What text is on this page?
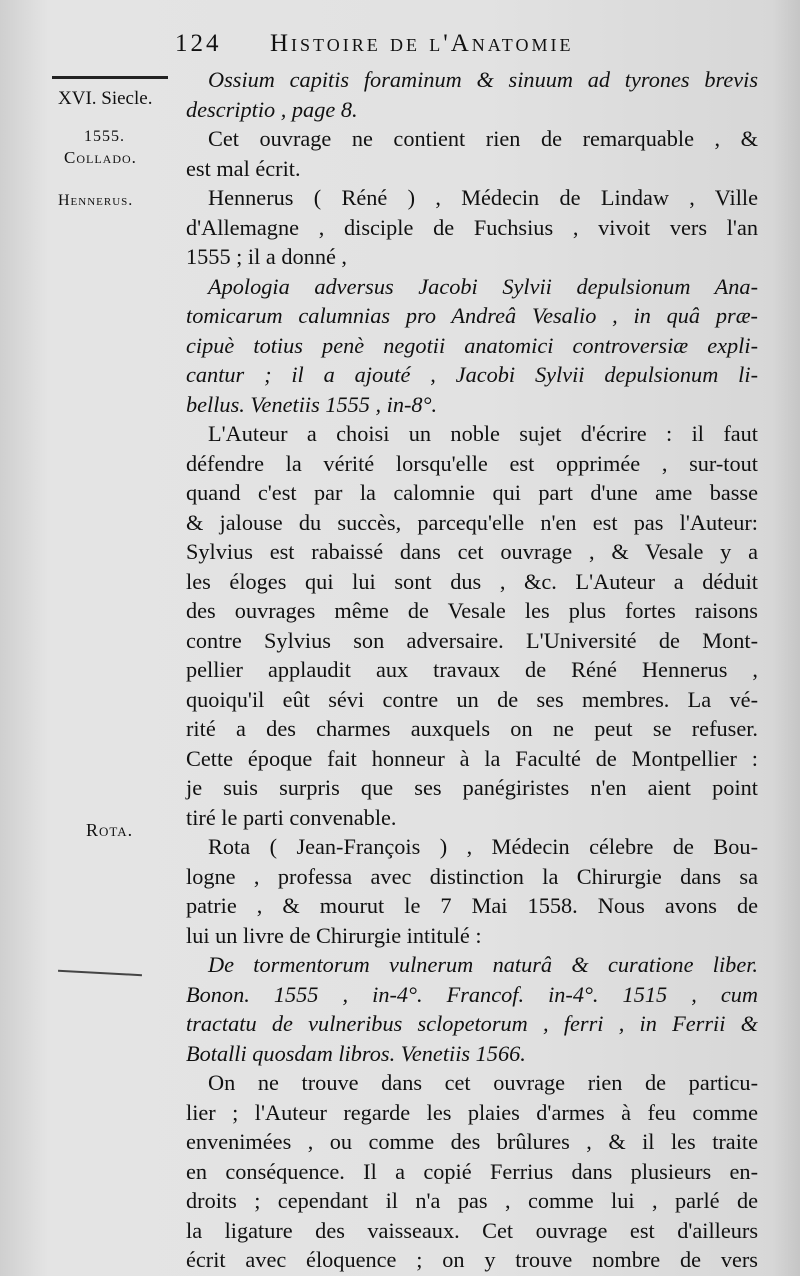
124 Histoire de l'Anatomie
XVI. Siecle.
1555.
Collado.
Hennerus.
Rota.
Ossium capitis foraminum & sinuum ad tyrones brevis
descriptio , page 8.
Cet ouvrage ne contient rien de remarquable , &
est mal écrit.
Hennerus ( Réné ) , Médecin de Lindaw , Ville
d'Allemagne , disciple de Fuchsius , vivoit vers l'an
1555 ; il a donné ,
Apologia adversus Jacobi Sylvii depulsionum Ana-
tomicarum calumnias pro Andreâ Vesalio , in quâ præ-
cipuè totius penè negotii anatomici controversiæ expli-
cantur ; il a ajouté , Jacobi Sylvii depulsionum li-
bellus. Venetiis 1555 , in-8°.
L'Auteur a choisi un noble sujet d'écrire : il faut
défendre la vérité lorsqu'elle est opprimée , sur-tout
quand c'est par la calomnie qui part d'une ame basse
& jalouse du succès, parcequ'elle n'en est pas l'Auteur:
Sylvius est rabaissé dans cet ouvrage , & Vesale y a
les éloges qui lui sont dus , &c. L'Auteur a déduit
des ouvrages même de Vesale les plus fortes raisons
contre Sylvius son adversaire. L'Université de Mont-
pellier applaudit aux travaux de Réné Hennerus ,
quoiqu'il eût sévi contre un de ses membres. La vé-
rité a des charmes auxquels on ne peut se refuser.
Cette époque fait honneur à la Faculté de Montpellier :
je suis surpris que ses panégiristes n'en aient point
tiré le parti convenable.
Rota ( Jean-François ) , Médecin célebre de Bou-
logne , professa avec distinction la Chirurgie dans sa
patrie , & mourut le 7 Mai 1558. Nous avons de
lui un livre de Chirurgie intitulé :
De tormentorum vulnerum naturâ & curatione liber.
Bonon. 1555 , in-4°. Francof. in-4°. 1515 , cum
tractatu de vulneribus sclopetorum , ferri , in Ferrii &
Botalli quosdam libros. Venetiis 1566.
On ne trouve dans cet ouvrage rien de particu-
lier ; l'Auteur regarde les plaies d'armes à feu comme
envenimées , ou comme des brûlures , & il les traite
en conséquence. Il a copié Ferrius dans plusieurs en-
droits ; cependant il n'a pas , comme lui , parlé de
la ligature des vaisseaux. Cet ouvrage est d'ailleurs
écrit avec éloquence ; on y trouve nombre de vers
